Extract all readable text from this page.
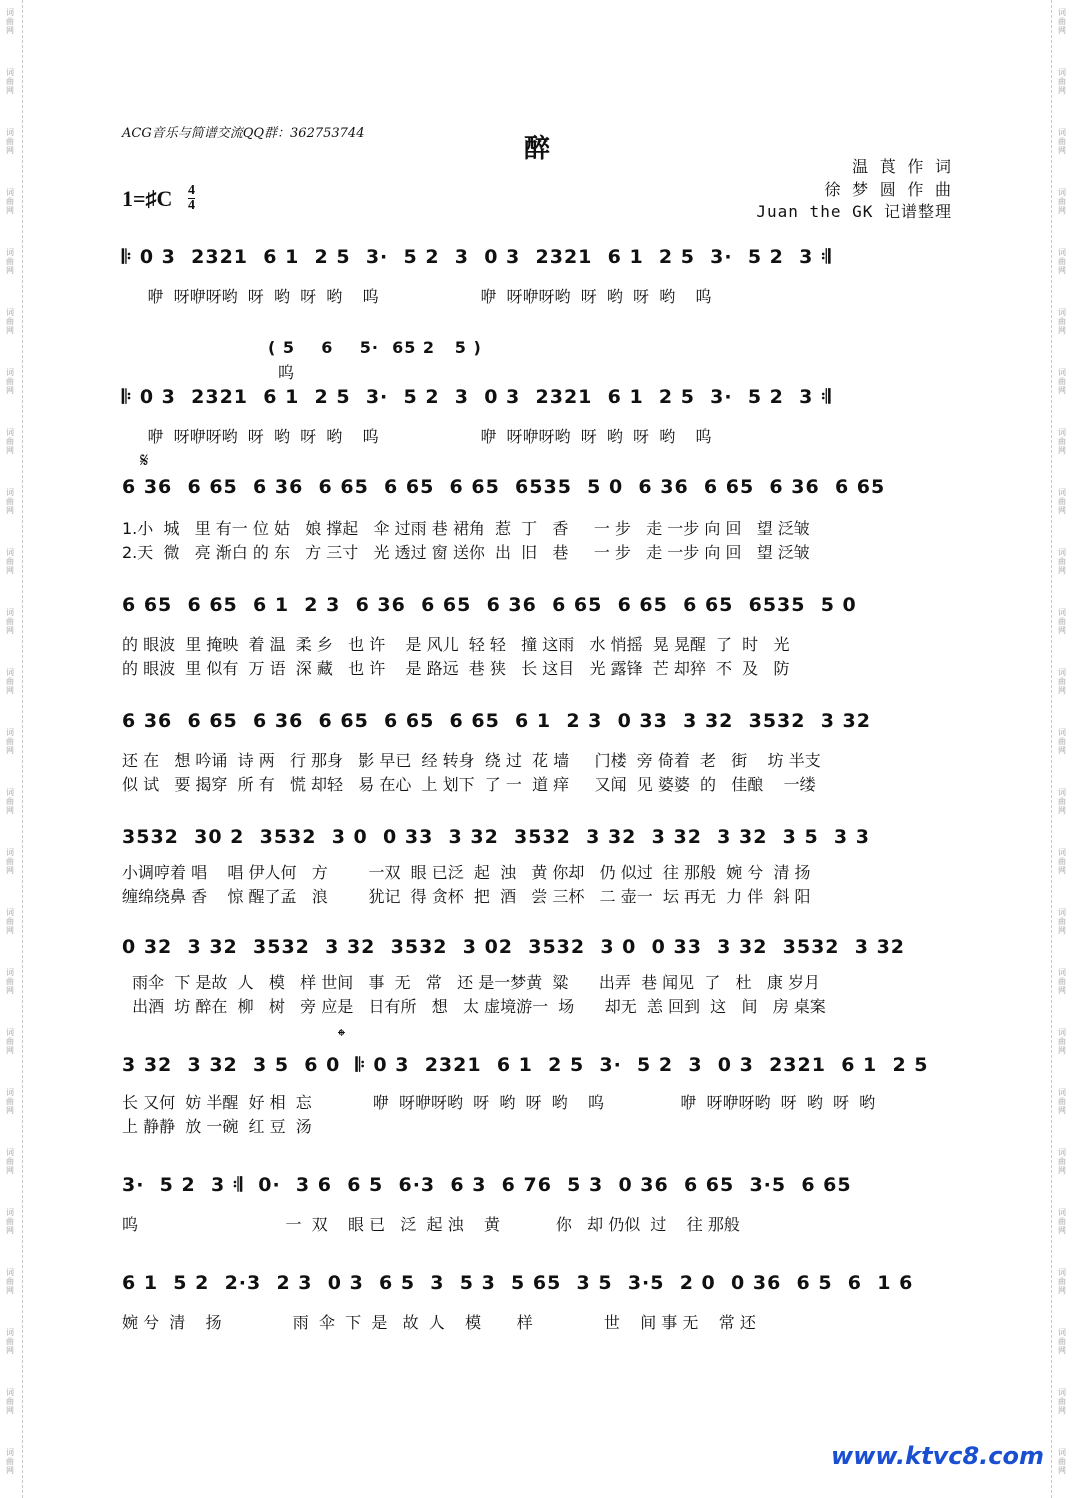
词
曲
网
词
曲
网
词
曲
网
词
曲
网
词
曲
网
词
曲
网
词
曲
网
词
曲
网
词
曲
网
词
曲
网
词
曲
网
词
曲
网
词
曲
网
词
曲
网
词
曲
网
词
曲
网
词
曲
网
词
曲
网
词
曲
网
词
曲
网
词
曲
网
词
曲
网
词
曲
网
词
曲
网
词
曲
网
词
曲
网
词
曲
网
词
曲
网
词
曲
网
词
曲
网
词
曲
网
词
曲
网
词
曲
网
词
曲
网
词
曲
网
词
曲
网
词
曲
网
词
曲
网
词
曲
网
词
曲
网
词
曲
网
词
曲
网
词
曲
网
词
曲
网
词
曲
网
词
曲
网
词
曲
网
词
曲
网
词
曲
网
词
曲
网
ACG音乐与简谱交流QQ群：362753744
醉
温 莨 作 词
徐 梦 圆 作 曲
Juan the GK 记谱整理
1=♯C 4
4
𝄆 0 3  2321  6 1  2 5  3·  5 2  3  0 3  2321  6 1  2 5  3·  5 2  3 𝄇
咿  呀咿呀哟  呀  哟  呀  哟    呜                    咿  呀咿呀哟  呀  哟  呀  哟    呜
( 5    6    5·  65 2   5 )
呜
𝄆 0 3  2321  6 1  2 5  3·  5 2  3  0 3  2321  6 1  2 5  3·  5 2  3 𝄇
咿  呀咿呀哟  呀  哟  呀  哟    呜                    咿  呀咿呀哟  呀  哟  呀  哟    呜
𝄋
6 36  6 65  6 36  6 65  6 65  6 65  6535  5 0  6 36  6 65  6 36  6 65
1.小  城   里 有一 位 姑   娘 撑起   伞 过雨 巷 裙角  惹  丁   香     一 步   走 一步 向 回   望 泛皱
2.天  微   亮 渐白 的 东   方 三寸   光 透过 窗 送你  出  旧   巷     一 步   走 一步 向 回   望 泛皱
6 65  6 65  6 1  2 3  6 36  6 65  6 36  6 65  6 65  6 65  6535  5 0
的 眼波  里 掩映  着 温  柔 乡   也 许    是 风儿  轻 轻   撞 这雨   水 悄摇  晃 晃醒  了  时   光
的 眼波  里 似有  万 语  深 藏   也 许    是 路远  巷 狭   长 这目   光 露锋  芒 却猝  不  及   防
6 36  6 65  6 36  6 65  6 65  6 65  6 1  2 3  0 33  3 32  3532  3 32
还 在   想 吟诵  诗 两   行 那身   影 早已  经 转身  绕 过  花 墙     门楼  旁 倚着  老   街    坊 半支
似 试   要 揭穿  所 有   慌 却轻   易 在心  上 划下  了 一  道 痒     又闻  见 婆婆  的   佳酿    一缕
3532  30 2  3532  3 0  0 33  3 32  3532  3 32  3 32  3 32  3 5  3 3
小调哼着 唱    唱 伊人何   方        一双  眼 已泛  起  浊   黄 你却   仍 似过  往 那般  婉 兮  清 扬
缠绵绕鼻 香    惊 醒了孟   浪        犹记  得 贪杯  把  酒   尝 三杯   二 壶一  坛 再无  力 伴  斜 阳
0 32  3 32  3532  3 32  3532  3 02  3532  3 0  0 33  3 32  3532  3 32
雨伞  下 是故  人   模   样 世间   事  无   常   还 是一梦黄  粱      出弄  巷 闻见  了   杜   康 岁月
出酒  坊 醉在  柳   树   旁 应是   日有所   想   太 虚境游一  场      却无  恙 回到  这   间   房 桌案
𝄌
3 32  3 32  3 5  6 0  𝄆 0 3  2321  6 1  2 5  3·  5 2  3  0 3  2321  6 1  2 5
长 又何  妨 半醒  好 相  忘            咿  呀咿呀哟  呀  哟  呀  哟    呜               咿  呀咿呀哟  呀  哟  呀  哟
上 静静  放 一碗  红 豆  汤
3·  5 2  3 𝄇  0·  3 6  6 5  6·3  6 3  6 76  5 3  0 36  6 65  3·5  6 65
呜                             一  双    眼 已   泛  起 浊    黄           你   却 仍似  过    往 那般
6 1  5 2  2·3  2 3  0 3  6 5  3  5 3  5 65  3 5  3·5  2 0  0 36  6 5  6  1 6
婉 兮  清    扬              雨  伞  下  是   故  人    模       样              世    间 事 无    常 还
www.ktvc8.com
